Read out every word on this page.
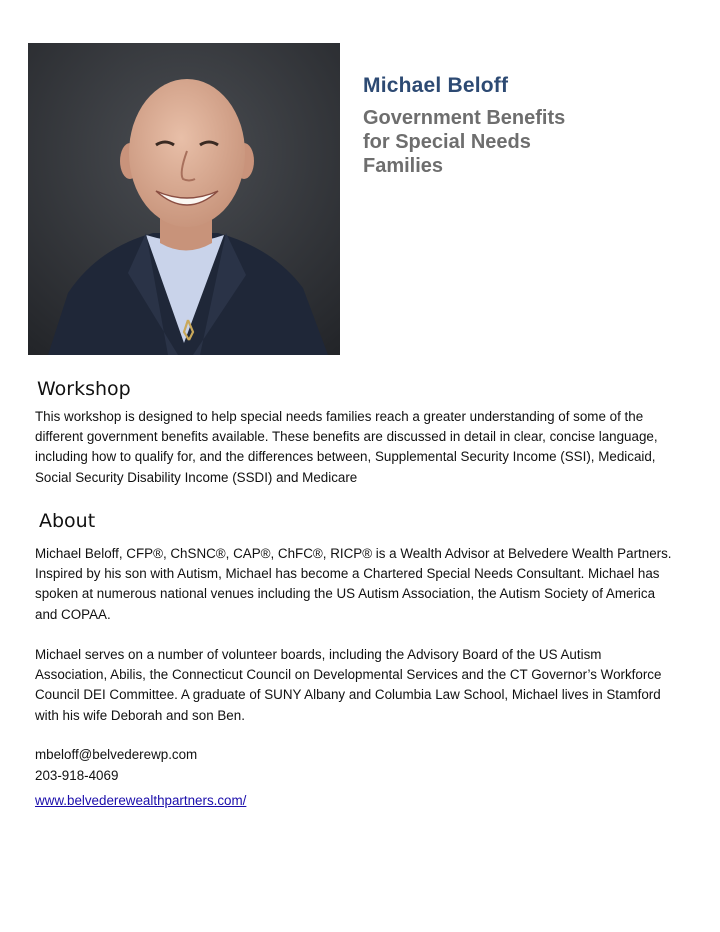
Michael Beloff
Government Benefits
for Special Needs
Families
Workshop

This workshop is designed to help special needs families reach a greater understanding of some of the different government benefits available. These benefits are discussed in detail in clear, concise language, including how to qualify for, and the differences between, Supplemental Security Income (SSI), Medicaid, Social Security Disability Income (SSDI) and Medicare

About

Michael Beloff, CFP®, ChSNC®, CAP®, ChFC®, RICP® is a Wealth Advisor at Belvedere Wealth Partners. Inspired by his son with Autism, Michael has become a Chartered Special Needs Consultant. Michael has spoken at numerous national venues including the US Autism Association, the Autism Society of America and COPAA.

Michael serves on a number of volunteer boards, including the Advisory Board of the US Autism Association, Abilis, the Connecticut Council on Developmental Services and the CT Governor’s Workforce Council DEI Committee. A graduate of SUNY Albany and Columbia Law School, Michael lives in Stamford with his wife Deborah and son Ben.

mbeloff@belvederewp.com
203-918-4069
www.belvederewealthpartners.com/
